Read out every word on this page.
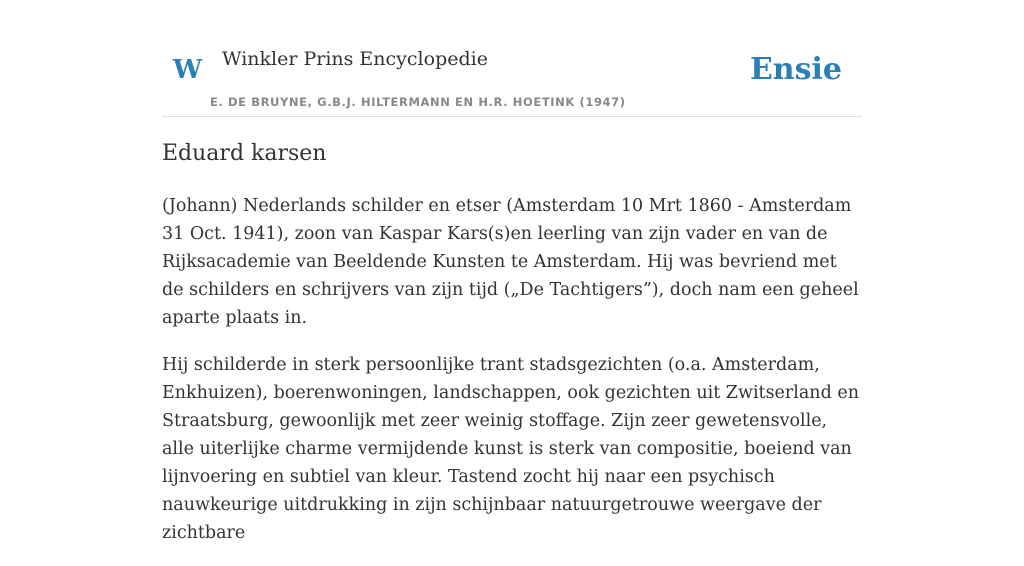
W Winkler Prins Encyclopedie
E. DE BRUYNE, G.B.J. HILTERMANN EN H.R. HOETINK (1947)
Ensie
Eduard karsen

(Johann) Nederlands schilder en etser (Amsterdam 10 Mrt 1860 - Amsterdam 31 Oct. 1941), zoon van Kaspar Kars(s)en leerling van zijn vader en van de Rijksacademie van Beeldende Kunsten te Amsterdam. Hij was bevriend met de schilders en schrijvers van zijn tijd („De Tachtigers”), doch nam een geheel aparte plaats in.

Hij schilderde in sterk persoonlijke trant stadsgezichten (o.a. Amsterdam, Enkhuizen), boerenwoningen, landschappen, ook gezichten uit Zwitserland en Straatsburg, gewoonlijk met zeer weinig stoffage. Zijn zeer gewetensvolle, alle uiterlijke charme vermijdende kunst is sterk van compositie, boeiend van lijnvoering en subtiel van kleur. Tastend zocht hij naar een psychisch nauwkeurige uitdrukking in zijn schijnbaar natuurgetrouwe weergave der zichtbare
